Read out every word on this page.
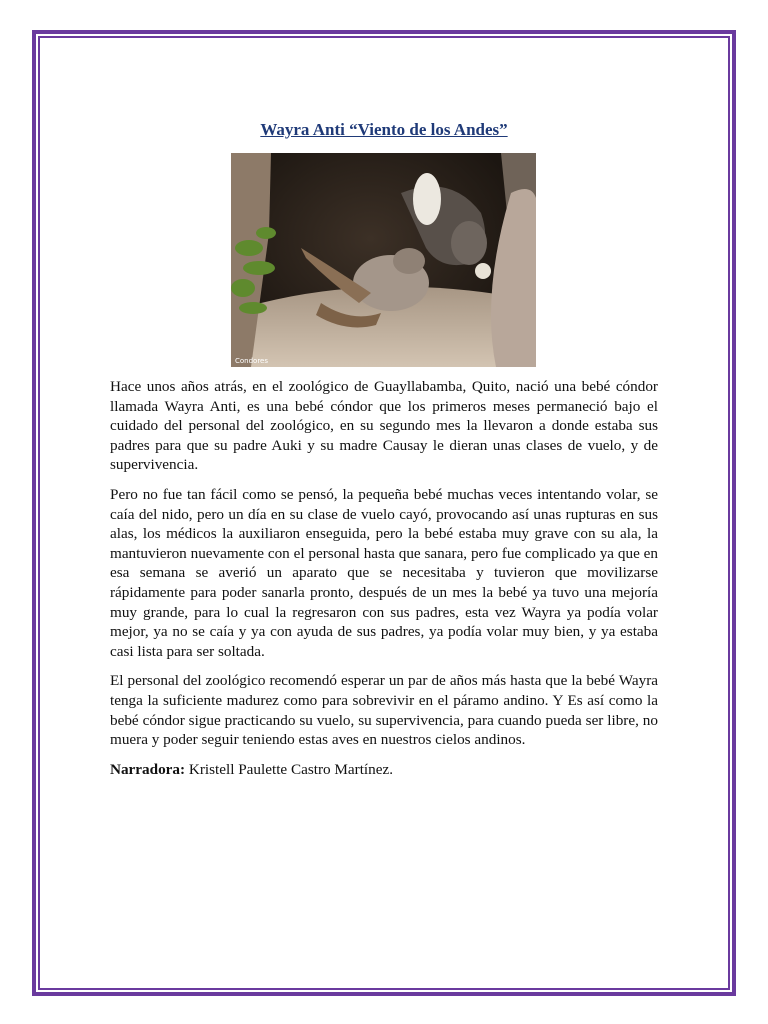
Wayra Anti “Viento de los Andes”
Condores

Hace unos años atrás, en el zoológico de Guayllabamba, Quito, nació una bebé cóndor llamada Wayra Anti, es una bebé cóndor que los primeros meses permaneció bajo el cuidado del personal del zoológico, en su segundo mes la llevaron a donde estaba sus padres para que su padre Auki y su madre Causay le dieran unas clases de vuelo, y de supervivencia.

Pero no fue tan fácil como se pensó, la pequeña bebé muchas veces intentando volar, se caía del nido, pero un día en su clase de vuelo cayó, provocando así unas rupturas en sus alas, los médicos la auxiliaron enseguida, pero la bebé estaba muy grave con su ala, la mantuvieron nuevamente con el personal hasta que sanara, pero fue complicado ya que en esa semana se averió un aparato que se necesitaba y tuvieron que movilizarse rápidamente para poder sanarla pronto, después de un mes la bebé ya tuvo una mejoría muy grande, para lo cual la regresaron con sus padres, esta vez Wayra ya podía volar mejor, ya no se caía y ya con ayuda de sus padres, ya podía volar muy bien, y ya estaba casi lista para ser soltada.

El personal del zoológico recomendó esperar un par de años más hasta que la bebé Wayra tenga la suficiente madurez como para sobrevivir en el páramo andino. Y Es así como la bebé cóndor sigue practicando su vuelo, su supervivencia, para cuando pueda ser libre, no muera y poder seguir teniendo estas aves en nuestros cielos andinos.

Narradora: Kristell Paulette Castro Martínez.
